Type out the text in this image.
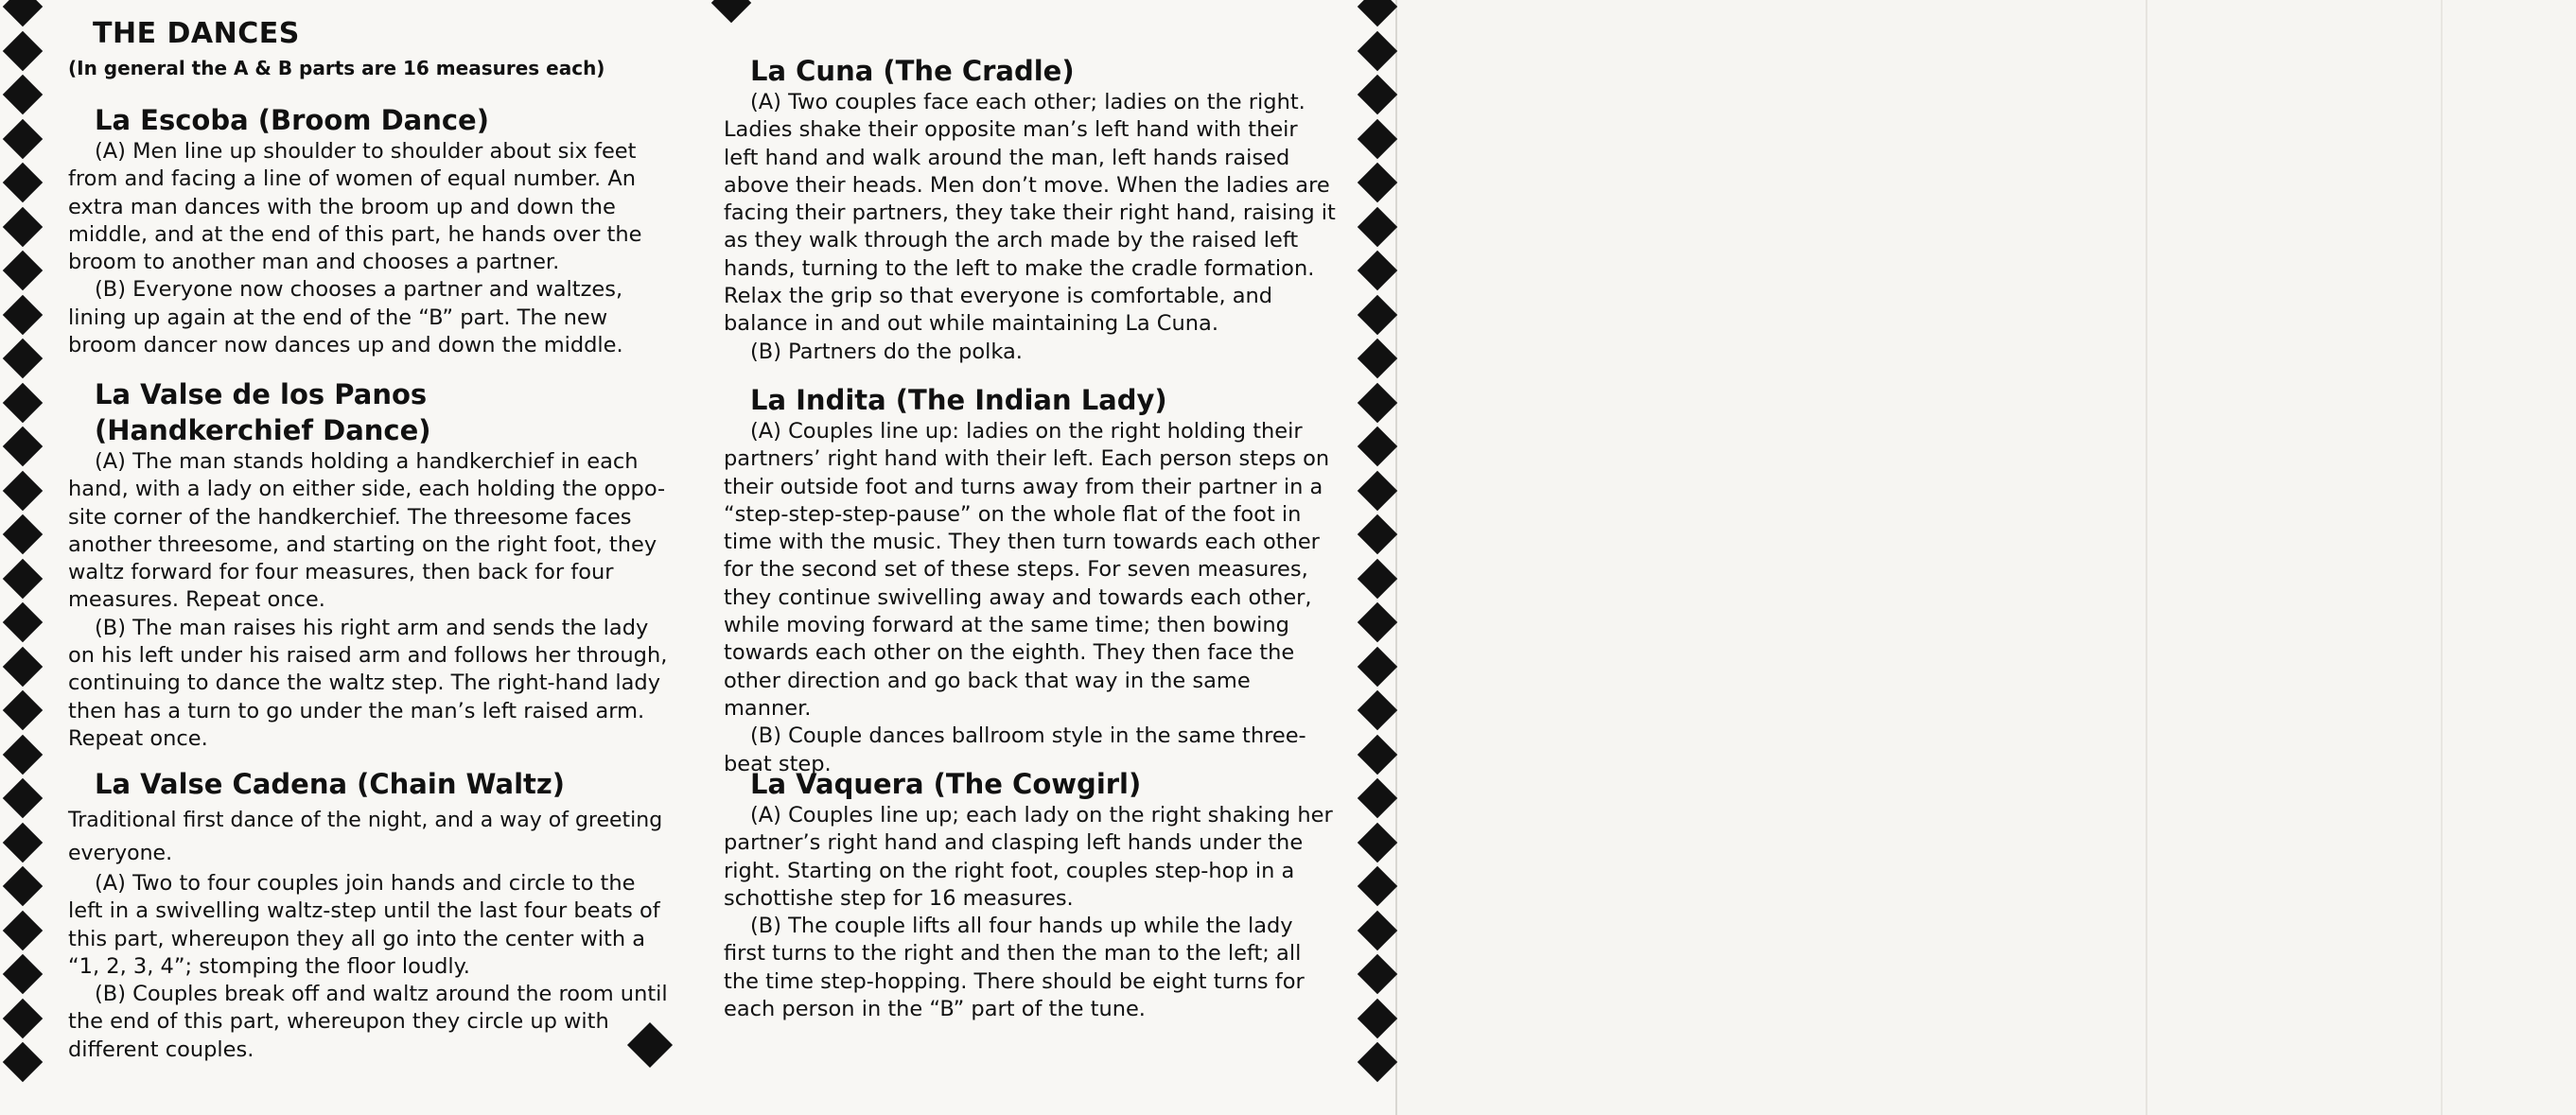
THE DANCES
(In general the A & B parts are 16 measures each)
La Escoba (Broom Dance)

(A) Men line up shoulder to shoulder about six feet from and facing a line of women of equal number. An extra man dances with the broom up and down the middle, and at the end of this part, he hands over the broom to another man and chooses a partner.

(B) Everyone now chooses a partner and waltzes, lining up again at the end of the “B” part. The new broom dancer now dances up and down the middle.

La Valse de los Panos (Handkerchief Dance)

(A) The man stands holding a handkerchief in each hand, with a lady on either side, each holding the oppo-site corner of the handkerchief. The threesome faces another threesome, and starting on the right foot, they waltz forward for four measures, then back for four measures. Repeat once.

(B) The man raises his right arm and sends the lady on his left under his raised arm and follows her through, continuing to dance the waltz step. The right-hand lady then has a turn to go under the man’s left raised arm. Repeat once.

La Valse Cadena (Chain Waltz) Traditional first dance of the night, and a way of greeting everyone.

(A) Two to four couples join hands and circle to the left in a swivelling waltz-step until the last four beats of this part, whereupon they all go into the center with a “1, 2, 3, 4”; stomping the floor loudly.

(B) Couples break off and waltz around the room until the end of this part, whereupon they circle up with different couples.

La Cuna (The Cradle)

(A) Two couples face each other; ladies on the right. Ladies shake their opposite man’s left hand with their left hand and walk around the man, left hands raised above their heads. Men don’t move. When the ladies are facing their partners, they take their right hand, raising it as they walk through the arch made by the raised left hands, turning to the left to make the cradle formation. Relax the grip so that everyone is comfortable, and balance in and out while maintaining La Cuna.

(B) Partners do the polka.

La Indita (The Indian Lady)

(A) Couples line up: ladies on the right holding their partners’ right hand with their left. Each person steps on their outside foot and turns away from their partner in a “step-step-step-pause” on the whole flat of the foot in time with the music. They then turn towards each other for the second set of these steps. For seven measures, they continue swivelling away and towards each other, while moving forward at the same time; then bowing towards each other on the eighth. They then face the other direction and go back that way in the same manner.

(B) Couple dances ballroom style in the same three-beat step.

La Vaquera (The Cowgirl)

(A) Couples line up; each lady on the right shaking her partner’s right hand and clasping left hands under the right. Starting on the right foot, couples step-hop in a schottishe step for 16 measures.

(B) The couple lifts all four hands up while the lady first turns to the right and then the man to the left; all the time step-hopping. There should be eight turns for each person in the “B” part of the tune.
